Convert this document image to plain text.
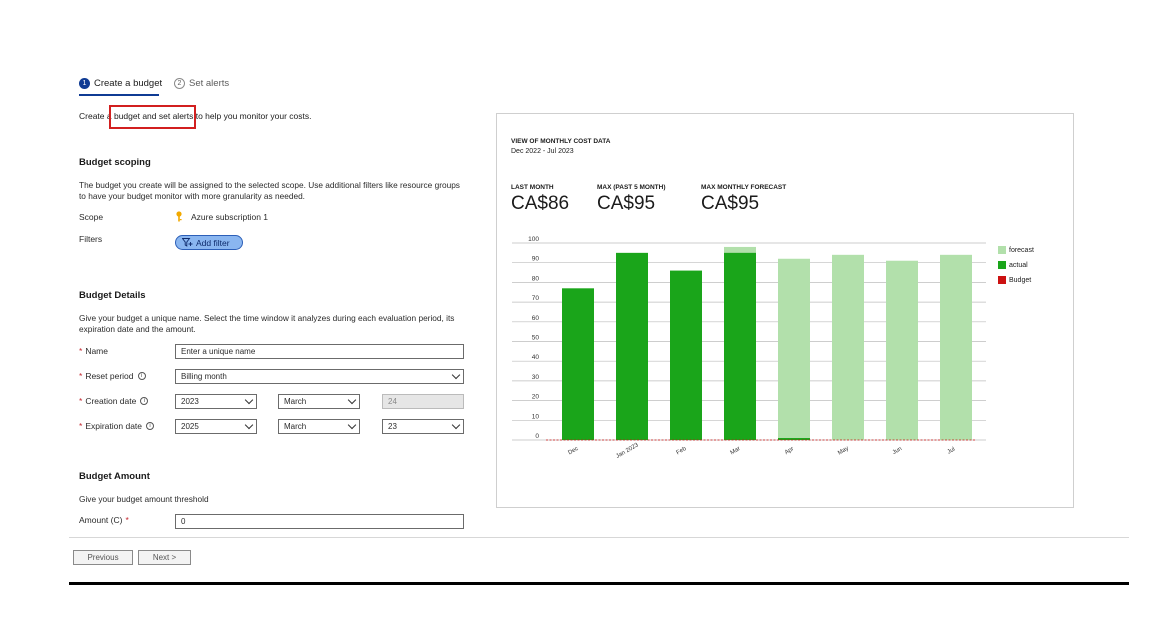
1 Create a budget	2 Set alerts
Create a budget and set alerts to help you monitor your costs.
Budget scoping
The budget you create will be assigned to the selected scope. Use additional filters like resource groups to have your budget monitor with more granularity as needed.
Scope	Azure subscription 1
Filters	Add filter
Budget Details
Give your budget a unique name. Select the time window it analyzes during each evaluation period, its expiration date and the amount.
* Name	Enter a unique name
* Reset period	i	Billing month
* Creation date	i	2023	March	24
* Expiration date	i	2025	March	23
Budget Amount
Give your budget amount threshold
Amount (C) *	0
Previous	Next >
VIEW OF MONTHLY COST DATA
Dec 2022 - Jul 2023
LAST MONTH
CA$86
MAX (PAST 5 MONTH)
CA$95
MAX MONTHLY FORECAST
CA$95
0
10
20
30
40
50
60
70
80
90
100
Dec	Jan 2023	Feb	Mar	Apr	May	Jun	Jul
forecast
actual
Budget
